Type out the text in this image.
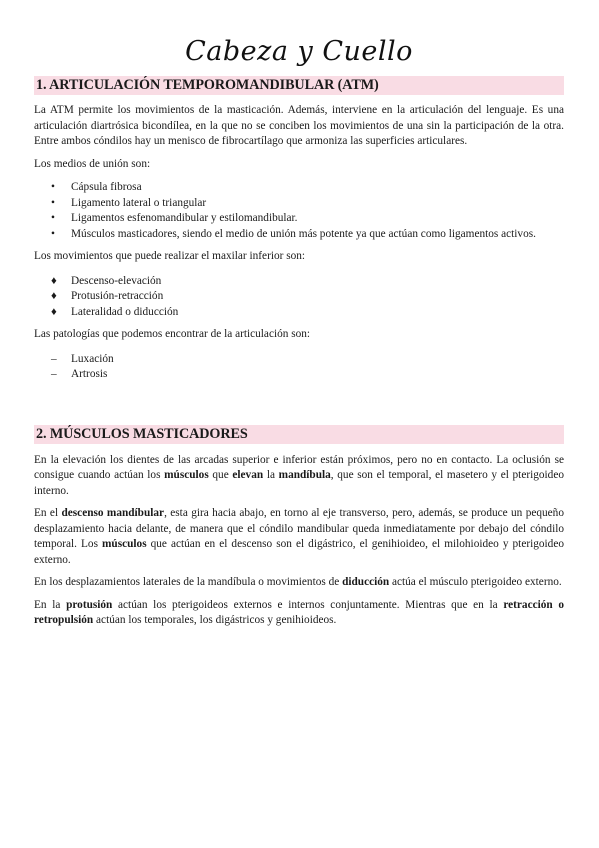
Cabeza y Cuello
1. ARTICULACIÓN TEMPOROMANDIBULAR (ATM)

La ATM permite los movimientos de la masticación. Además, interviene en la articulación del lenguaje. Es una articulación diartrósica bicondílea, en la que no se conciben los movimientos de una sin la participación de la otra. Entre ambos cóndilos hay un menisco de fibrocartílago que armoniza las superficies articulares.

Los medios de unión son:

• Cápsula fibrosa
• Ligamento lateral o triangular
• Ligamentos esfenomandibular y estilomandibular.
• Músculos masticadores, siendo el medio de unión más potente ya que actúan como ligamentos activos.

Los movimientos que puede realizar el maxilar inferior son:

♦ Descenso-elevación
♦ Protusión-retracción
♦ Lateralidad o diducción

Las patologías que podemos encontrar de la articulación son:

– Luxación
– Artrosis
2. MÚSCULOS MASTICADORES

En la elevación los dientes de las arcadas superior e inferior están próximos, pero no en contacto. La oclusión se consigue cuando actúan los músculos que elevan la mandíbula, que son el temporal, el masetero y el pterigoideo interno.

En el descenso mandíbular, esta gira hacia abajo, en torno al eje transverso, pero, además, se produce un pequeño desplazamiento hacia delante, de manera que el cóndilo mandibular queda inmediatamente por debajo del cóndilo temporal. Los músculos que actúan en el descenso son el digástrico, el genihioideo, el milohioideo y pterigoideo externo.

En los desplazamientos laterales de la mandíbula o movimientos de diducción actúa el músculo pterigoideo externo.

En la protusión actúan los pterigoideos externos e internos conjuntamente. Mientras que en la retracción o retropulsión actúan los temporales, los digástricos y genihioideos.
